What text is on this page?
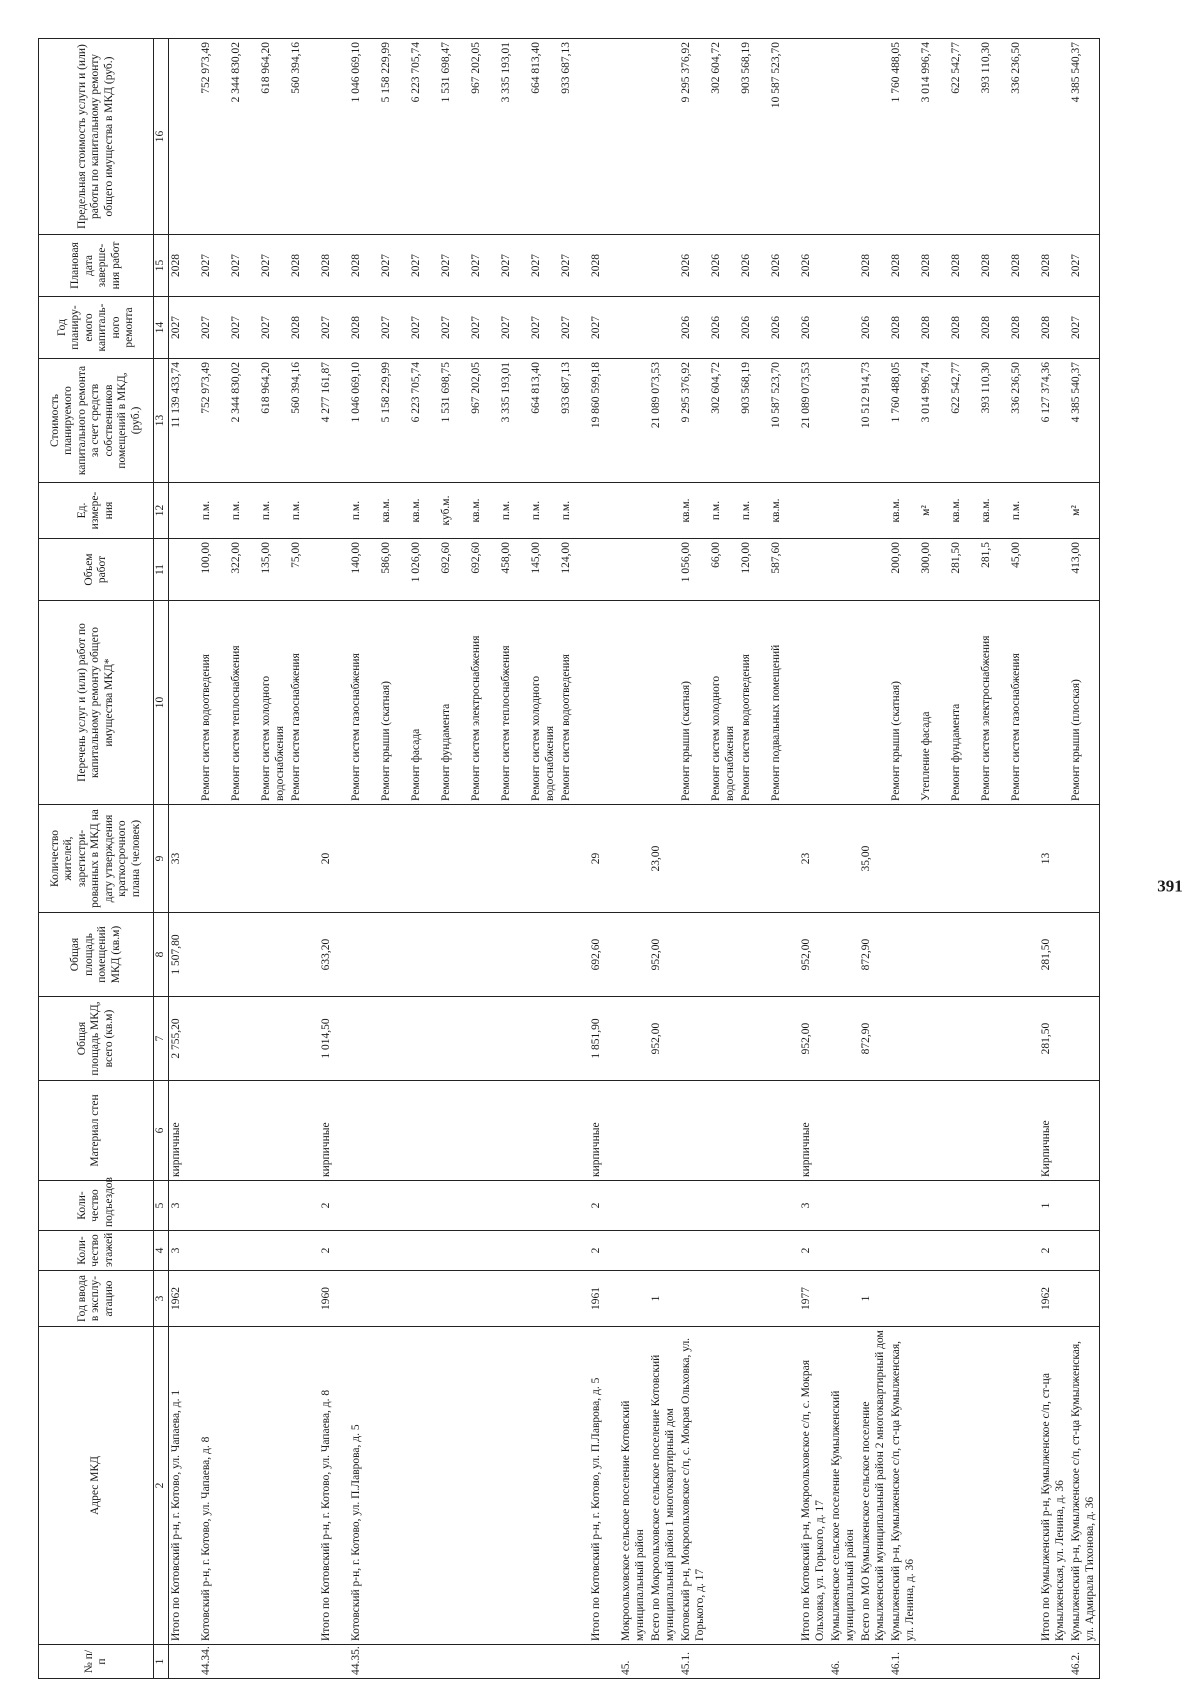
391
№ п/п	Адрес МКД	Год ввода в эксплу-атацию	Коли-чество этажей	Коли-чество подъездов	Материал стен	Общая площадь МКД, всего (кв.м)	Общая площадь помещений МКД (кв.м)	Количество жителей, зарегистри-рованных в МКД на дату утверждения краткосрочного плана (человек)	Перечень услуг и (или) работ по капитальному ремонту общего имущества МКД*	Объем работ	Ед. измере-ния	Стоимость планируемого капитального ремонта за счет средств собственников помещений в МКД, (руб.)	Год планиру-емого капиталь-ного ремонта	Плановая дата заверше-ния работ	Предельная стоимость услуги и (или) работы по капитальному ремонту общего имущества в МКД (руб.)
1	2	3	4	5	6	7	8	9	10	11	12	13	14	15	16
	Итого по Котовский р-н, г. Котово, ул. Чапаева, д. 1	1962	3	3	кирпичные	2 755,20	1 507,80	33				11 139 433,74	2027	2028	
44.34.	Котовский р-н, г. Котово, ул. Чапаева, д. 8								Ремонт систем водоотведения	100,00	п.м.	752 973,49	2027	2027	752 973,49
									Ремонт систем теплоснабжения	322,00	п.м.	2 344 830,02	2027	2027	2 344 830,02
									Ремонт систем холодного водоснабжения	135,00	п.м.	618 964,20	2027	2027	618 964,20
									Ремонт систем газоснабжения	75,00	п.м.	560 394,16	2028	2028	560 394,16
	Итого по Котовский р-н, г. Котово, ул. Чапаева, д. 8	1960	2	2	кирпичные	1 014,50	633,20	20				4 277 161,87	2027	2028	
44.35.	Котовский р-н, г. Котово, ул. П.Лаврова, д. 5								Ремонт систем газоснабжения	140,00	п.м.	1 046 069,10	2028	2028	1 046 069,10
									Ремонт крыши (скатная)	586,00	кв.м.	5 158 229,99	2027	2027	5 158 229,99
									Ремонт фасада	1 026,00	кв.м.	6 223 705,74	2027	2027	6 223 705,74
									Ремонт фундамента	692,60	куб.м.	1 531 698,75	2027	2027	1 531 698,47
									Ремонт систем электроснабжения	692,60	кв.м.	967 202,05	2027	2027	967 202,05
									Ремонт систем теплоснабжения	458,00	п.м.	3 335 193,01	2027	2027	3 335 193,01
									Ремонт систем холодного водоснабжения	145,00	п.м.	664 813,40	2027	2027	664 813,40
									Ремонт систем водоотведения	124,00	п.м.	933 687,13	2027	2027	933 687,13
	Итого по Котовский р-н, г. Котово, ул. П.Лаврова, д. 5	1961	2	2	кирпичные	1 851,90	692,60	29				19 860 599,18	2027	2028	
45.	Мокроольховское сельское поселение Котовский муниципальный район														
	Всего по Мокроольховское сельское поселение Котовский муниципальный район 1 многоквартирный дом	1				952,00	952,00	23,00				21 089 073,53			
45.1.	Котовский р-н, Мокроольховское с/п, с. Мокрая Ольховка, ул. Горького, д. 17								Ремонт крыши (скатная)	1 056,00	кв.м.	9 295 376,92	2026	2026	9 295 376,92
									Ремонт систем холодного водоснабжения	66,00	п.м.	302 604,72	2026	2026	302 604,72
									Ремонт систем водоотведения	120,00	п.м.	903 568,19	2026	2026	903 568,19
									Ремонт подвальных помещений	587,60	кв.м.	10 587 523,70	2026	2026	10 587 523,70
	Итого по Котовский р-н, Мокроольховское с/п, с. Мокрая Ольховка, ул. Горького, д. 17	1977	2	3	кирпичные	952,00	952,00	23				21 089 073,53	2026	2026	
46.	Кумылженское сельское поселение Кумылженский муниципальный район														
	Всего по МО Кумылженское сельское поселение Кумылженский муниципальный район 2 многоквартирный дом	1				872,90	872,90	35,00				10 512 914,73	2026	2028	
46.1.	Кумылженский р-н, Кумылженское с/п, ст-ца Кумылженская, ул. Ленина, д. 36								Ремонт крыши (скатная)	200,00	кв.м.	1 760 488,05	2028	2028	1 760 488,05
									Утепление фасада	300,00	м²	3 014 996,74	2028	2028	3 014 996,74
									Ремонт фундамента	281,50	кв.м.	622 542,77	2028	2028	622 542,77
									Ремонт систем электроснабжения	281,5	кв.м.	393 110,30	2028	2028	393 110,30
									Ремонт систем газоснабжения	45,00	п.м.	336 236,50	2028	2028	336 236,50
	Итого по Кумылженский р-н, Кумылженское с/п, ст-ца Кумылженская, ул. Ленина, д. 36	1962	2	1	Кирпичные	281,50	281,50	13				6 127 374,36	2028	2028	
46.2.	Кумылженский р-н, Кумылженское с/п, ст-ца Кумылженская, ул. Адмирала Тихонова, д. 36								Ремонт крыши (плоская)	413,00	м²	4 385 540,37	2027	2027	4 385 540,37
